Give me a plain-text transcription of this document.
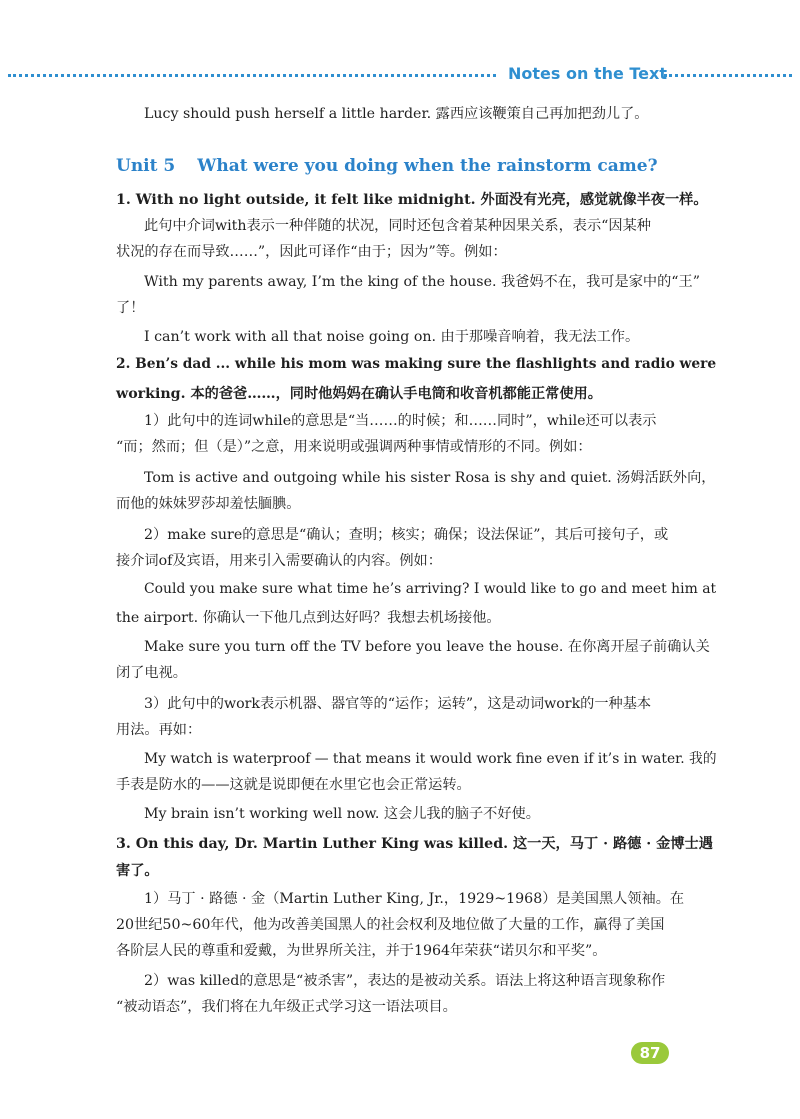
Notes on the Text
Lucy should push herself a little harder. 露西应该鞭策自己再加把劲儿了。
Unit 5 What were you doing when the rainstorm came?
1. With no light outside, it felt like midnight. 外面没有光亮，感觉就像半夜一样。
此句中介词with表示一种伴随的状况，同时还包含着某种因果关系，表示“因某种
状况的存在而导致……”，因此可译作“由于；因为”等。例如：
With my parents away, I’m the king of the house. 我爸妈不在，我可是家中的“王”
了！
I can’t work with all that noise going on. 由于那噪音响着，我无法工作。
2. Ben’s dad ... while his mom was making sure the flashlights and radio were
working. 本的爸爸……，同时他妈妈在确认手电筒和收音机都能正常使用。
1）此句中的连词while的意思是“当……的时候；和……同时”，while还可以表示
“而；然而；但（是）”之意，用来说明或强调两种事情或情形的不同。例如：
Tom is active and outgoing while his sister Rosa is shy and quiet. 汤姆活跃外向，
而他的妹妹罗莎却羞怯腼腆。
2）make sure的意思是“确认；查明；核实；确保；设法保证”，其后可接句子，或
接介词of及宾语，用来引入需要确认的内容。例如：
Could you make sure what time he’s arriving? I would like to go and meet him at
the airport. 你确认一下他几点到达好吗？我想去机场接他。
Make sure you turn off the TV before you leave the house. 在你离开屋子前确认关
闭了电视。
3）此句中的work表示机器、器官等的“运作；运转”，这是动词work的一种基本
用法。再如：
My watch is waterproof — that means it would work fine even if it’s in water. 我的
手表是防水的——这就是说即便在水里它也会正常运转。
My brain isn’t working well now. 这会儿我的脑子不好使。
3. On this day, Dr. Martin Luther King was killed. 这一天，马丁 · 路德 · 金博士遇
害了。
1）马丁 · 路德 · 金（Martin Luther King, Jr.，1929~1968）是美国黑人领袖。在
20世纪50~60年代，他为改善美国黑人的社会权利及地位做了大量的工作，赢得了美国
各阶层人民的尊重和爱戴，为世界所关注，并于1964年荣获“诺贝尔和平奖”。
2）was killed的意思是“被杀害”，表达的是被动关系。语法上将这种语言现象称作
“被动语态”，我们将在九年级正式学习这一语法项目。
87
